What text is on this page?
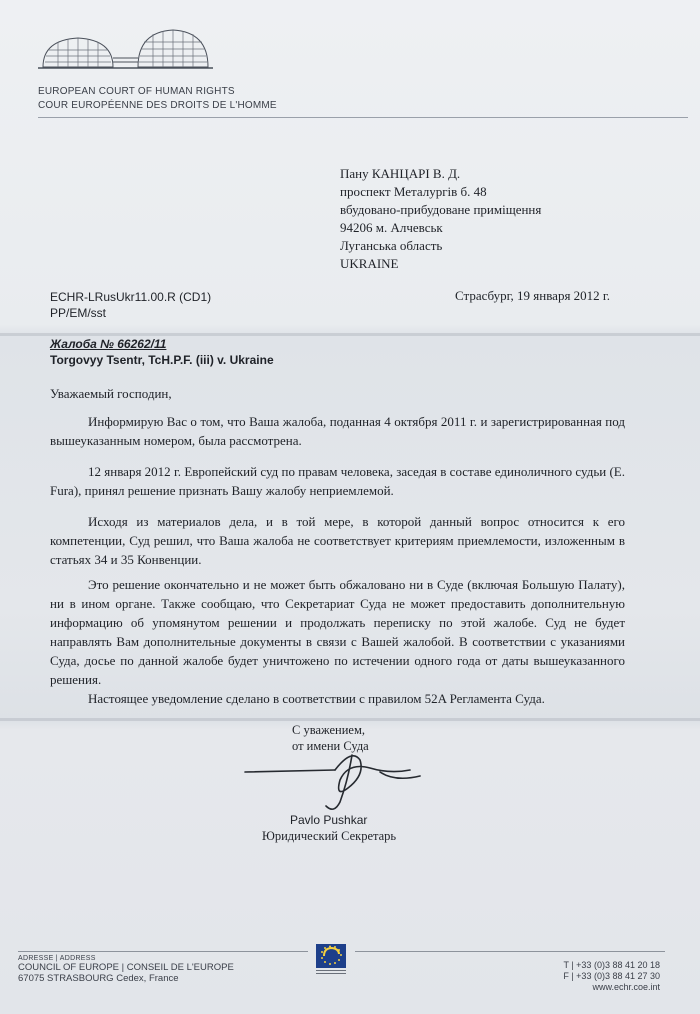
EUROPEAN COURT OF HUMAN RIGHTS
COUR EUROPÉENNE DES DROITS DE L'HOMME
Пану КАНЦАРІ В. Д.
проспект Металургів б. 48
вбудовано-прибудоване приміщення
94206 м. Алчевськ
Луганська область
UKRAINE
ECHR-LRusUkr11.00.R (CD1)
PP/EM/sst
Страсбург, 19 января 2012 г.
Жалоба № 66262/11
Torgovyy Tsentr, TcH.P.F. (iii) v. Ukraine
Уважаемый господин,
Информирую Вас о том, что Ваша жалоба, поданная 4 октября 2011 г. и зарегистрированная под вышеуказанным номером, была рассмотрена.
12 января 2012 г. Европейский суд по правам человека, заседая в составе единоличного судьи (E. Fura), принял решение признать Вашу жалобу неприемлемой.
Исходя из материалов дела, и в той мере, в которой данный вопрос относится к его компетенции, Суд решил, что Ваша жалоба не соответствует критериям приемлемости, изложенным в статьях 34 и 35 Конвенции.
Это решение окончательно и не может быть обжаловано ни в Суде (включая Большую Палату), ни в ином органе. Также сообщаю, что Секретариат Суда не может предоставить дополнительную информацию об упомянутом решении и продолжать переписку по этой жалобе. Суд не будет направлять Вам дополнительные документы в связи с Вашей жалобой. В соответствии с указаниями Суда, досье по данной жалобе будет уничтожено по истечении одного года от даты вышеуказанного решения.
Настоящее уведомление сделано в соответствии с правилом 52A Регламента Суда.
С уважением,
от имени Суда
Pavlo Pushkar
Юридический Секретарь
ADRESSE | ADDRESS
COUNCIL OF EUROPE | CONSEIL DE L'EUROPE
67075 STRASBOURG Cedex, France
T | +33 (0)3 88 41 20 18
F | +33 (0)3 88 41 27 30
www.echr.coe.int
